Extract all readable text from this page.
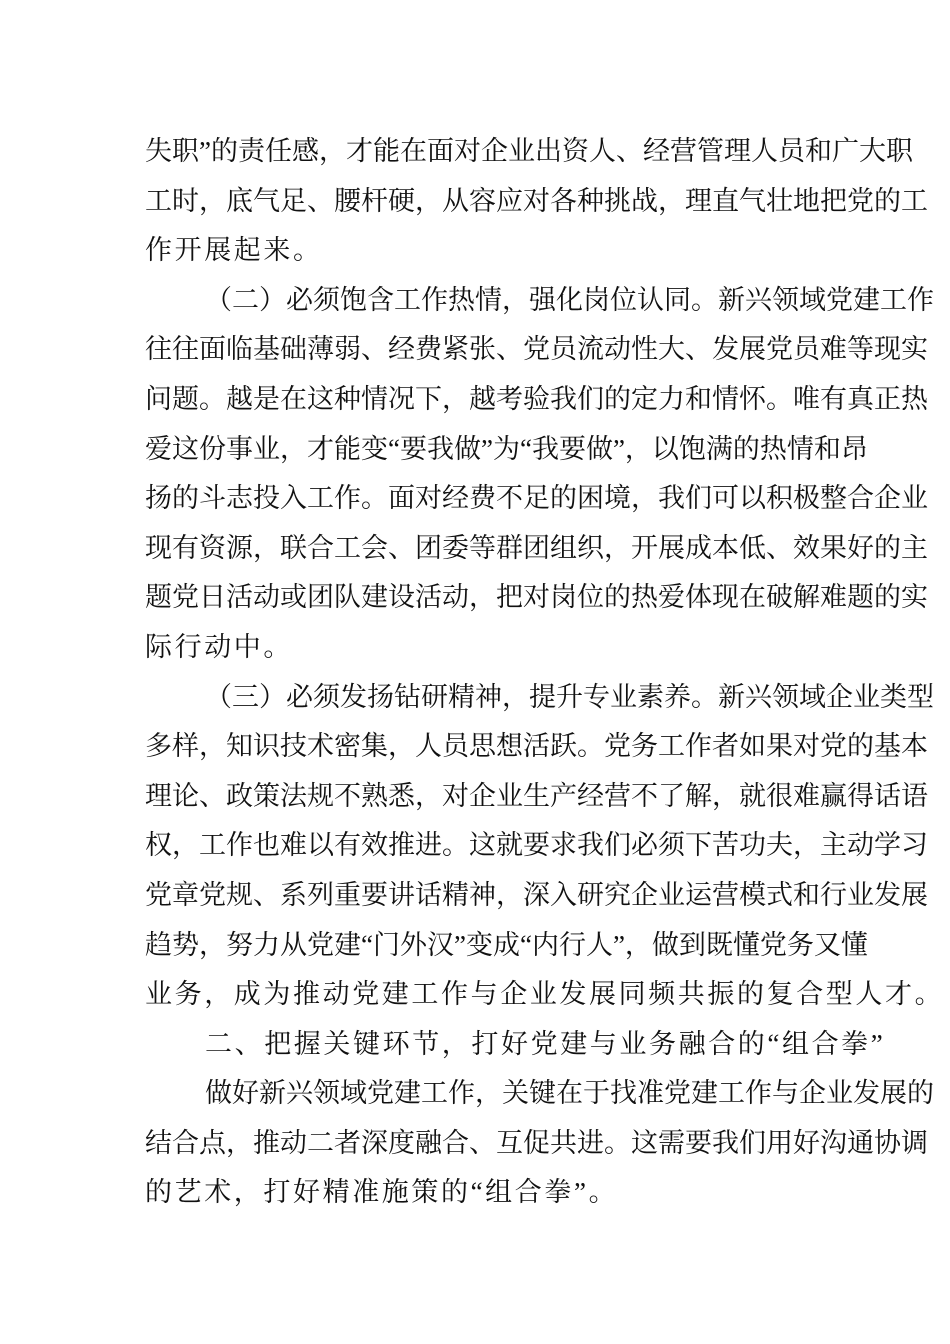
失职”的责任感，才能在面对企业出资人、经营管理人员和广大职
工时，底气足、腰杆硬，从容应对各种挑战，理直气壮地把党的工
作开展起来。
（二）必须饱含工作热情，强化岗位认同。新兴领域党建工作
往往面临基础薄弱、经费紧张、党员流动性大、发展党员难等现实
问题。越是在这种情况下，越考验我们的定力和情怀。唯有真正热
爱这份事业，才能变“要我做”为“我要做”，以饱满的热情和昂
扬的斗志投入工作。面对经费不足的困境，我们可以积极整合企业
现有资源，联合工会、团委等群团组织，开展成本低、效果好的主
题党日活动或团队建设活动，把对岗位的热爱体现在破解难题的实
际行动中。
（三）必须发扬钻研精神，提升专业素养。新兴领域企业类型
多样，知识技术密集，人员思想活跃。党务工作者如果对党的基本
理论、政策法规不熟悉，对企业生产经营不了解，就很难赢得话语
权，工作也难以有效推进。这就要求我们必须下苦功夫，主动学习
党章党规、系列重要讲话精神，深入研究企业运营模式和行业发展
趋势，努力从党建“门外汉”变成“内行人”，做到既懂党务又懂
业务，成为推动党建工作与企业发展同频共振的复合型人才。
二、把握关键环节，打好党建与业务融合的“组合拳”
做好新兴领域党建工作，关键在于找准党建工作与企业发展的
结合点，推动二者深度融合、互促共进。这需要我们用好沟通协调
的艺术，打好精准施策的“组合拳”。
